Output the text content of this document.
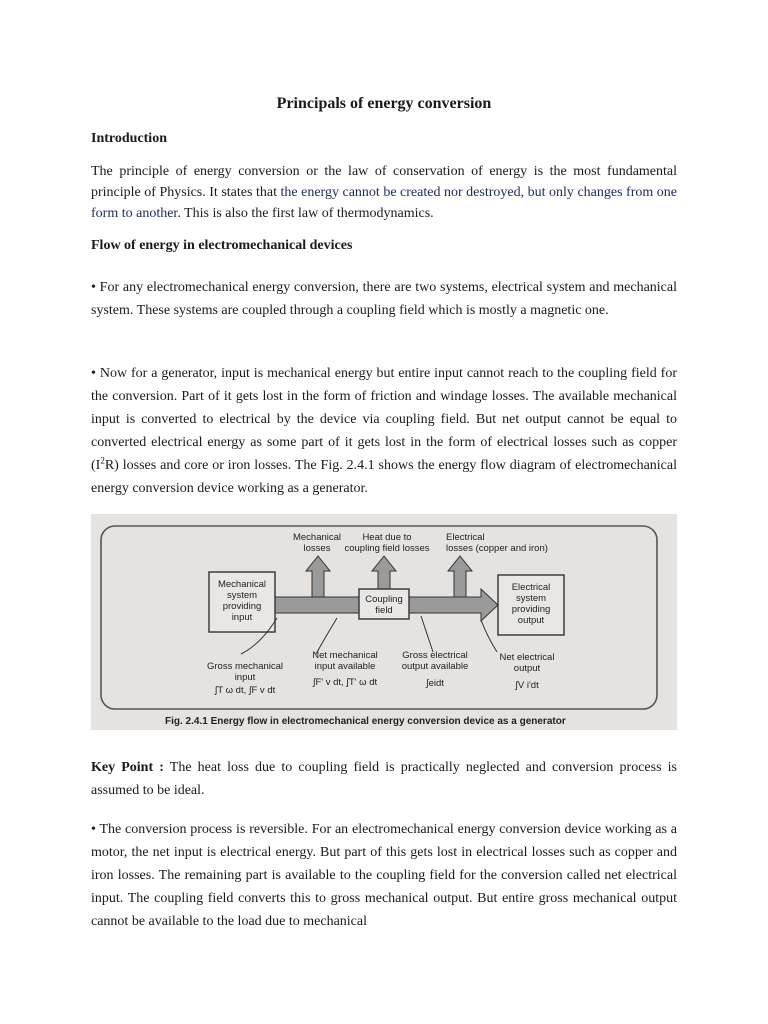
Principals of energy conversion
Introduction

The principle of energy conversion or the law of conservation of energy is the most fundamental principle of Physics. It states that the energy cannot be created nor destroyed, but only changes from one form to another. This is also the first law of thermodynamics.

Flow of energy in electromechanical devices

• For any electromechanical energy conversion, there are two systems, electrical system and mechanical system. These systems are coupled through a coupling field which is mostly a magnetic one.

• Now for a generator, input is mechanical energy but entire input cannot reach to the coupling field for the conversion. Part of it gets lost in the form of friction and windage losses. The available mechanical input is converted to electrical by the device via coupling field. But net output cannot be equal to converted electrical energy as some part of it gets lost in the form of electrical losses such as copper $(I^2R)$ losses and core or iron losses. The Fig. 2.4.1 shows the energy flow diagram of electromechanical energy conversion device working as a generator.

Mechanical
system
providing
input
Coupling
field
Electrical
system
providing
output
Mechanical
losses
Heat due to
coupling field losses
Electrical
losses (copper and iron)
Gross mechanical
input
∫T ω dt, ∫F v dt
Net mechanical
input available
∫F' v dt, ∫T' ω dt
Gross electrical
output available
∫eidt
Net electrical
output
∫V i'dt
Fig. 2.4.1 Energy flow in electromechanical energy conversion device as a generator

Key Point : The heat loss due to coupling field is practically neglected and conversion process is assumed to be ideal.

• The conversion process is reversible. For an electromechanical energy conversion device working as a motor, the net input is electrical energy. But part of this gets lost in electrical losses such as copper and iron losses. The remaining part is available to the coupling field for the conversion called net electrical input. The coupling field converts this to gross mechanical output. But entire gross mechanical output cannot be available to the load due to mechanical
